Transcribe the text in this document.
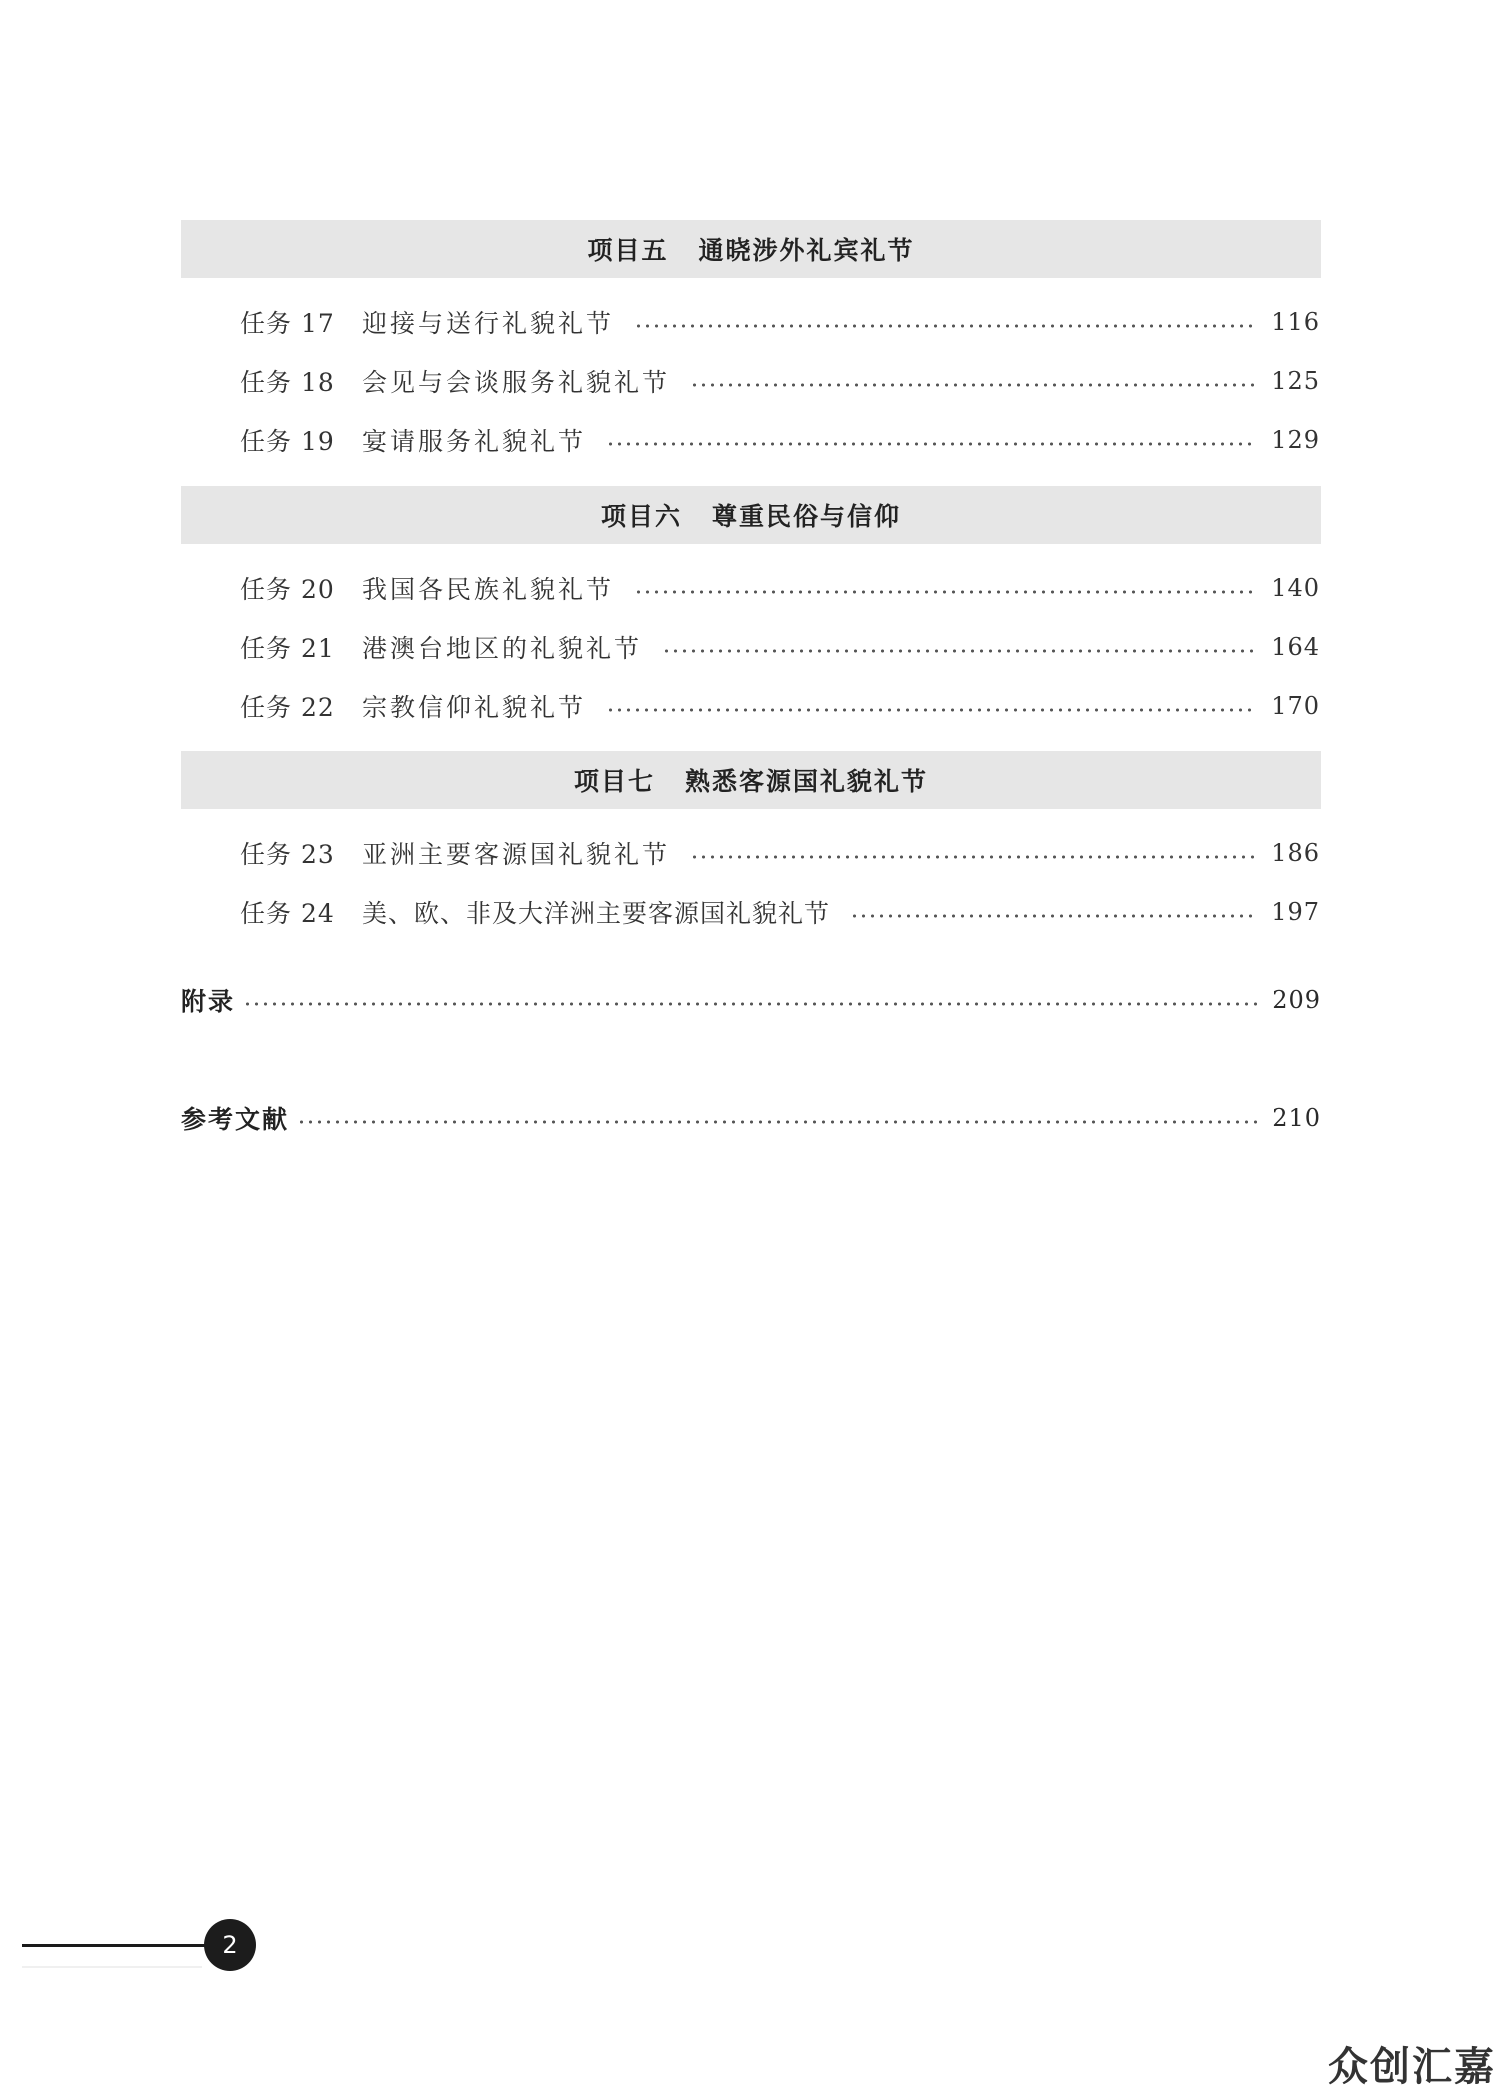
项目五 通晓涉外礼宾礼节
任务 17	迎接与送行礼貌礼节	116
任务 18	会见与会谈服务礼貌礼节	125
任务 19	宴请服务礼貌礼节	129
项目六 尊重民俗与信仰
任务 20	我国各民族礼貌礼节	140
任务 21	港澳台地区的礼貌礼节	164
任务 22	宗教信仰礼貌礼节	170
项目七 熟悉客源国礼貌礼节
任务 23	亚洲主要客源国礼貌礼节	186
任务 24	美、欧、非及大洋洲主要客源国礼貌礼节	197
附录	209
参考文献	210
2
众创汇嘉
